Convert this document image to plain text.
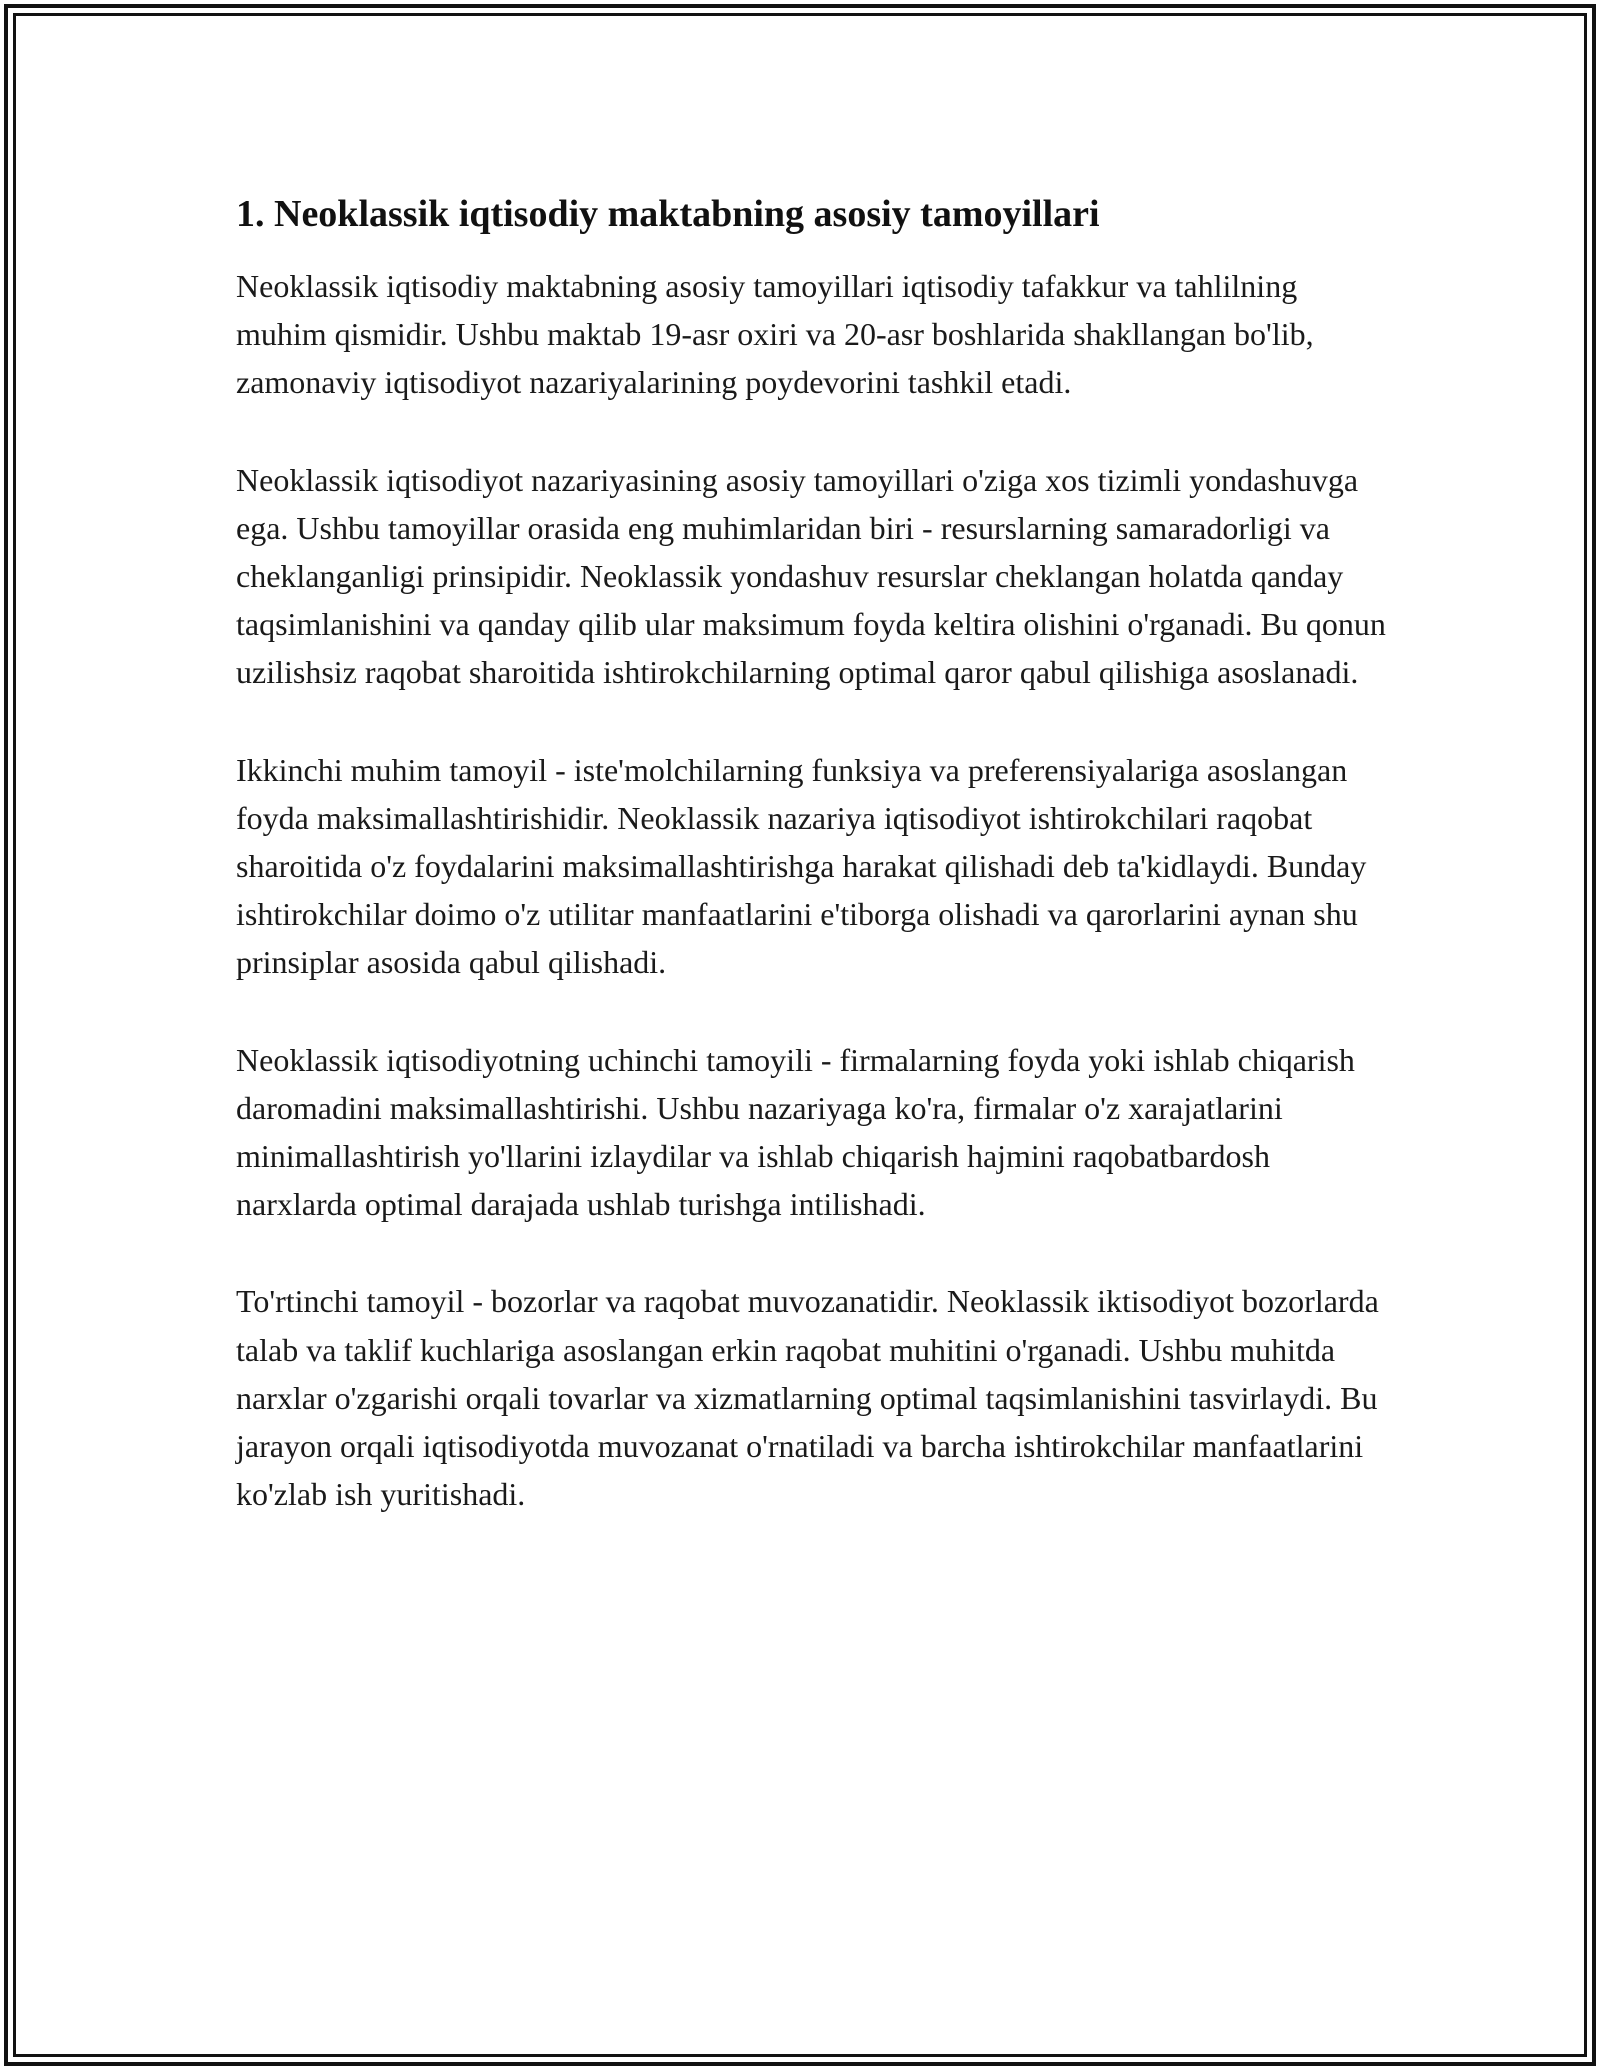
1. Neoklassik iqtisodiy maktabning asosiy tamoyillari

Neoklassik iqtisodiy maktabning asosiy tamoyillari iqtisodiy tafakkur va tahlilning muhim qismidir. Ushbu maktab 19-asr oxiri va 20-asr boshlarida shakllangan bo'lib, zamonaviy iqtisodiyot nazariyalarining poydevorini tashkil etadi.

Neoklassik iqtisodiyot nazariyasining asosiy tamoyillari o'ziga xos tizimli yondashuvga ega. Ushbu tamoyillar orasida eng muhimlaridan biri - resurslarning samaradorligi va cheklanganligi prinsipidir. Neoklassik yondashuv resurslar cheklangan holatda qanday taqsimlanishini va qanday qilib ular maksimum foyda keltira olishini o'rganadi. Bu qonun uzilishsiz raqobat sharoitida ishtirokchilarning optimal qaror qabul qilishiga asoslanadi.

Ikkinchi muhim tamoyil - iste'molchilarning funksiya va preferensiyalariga asoslangan foyda maksimallashtirishidir. Neoklassik nazariya iqtisodiyot ishtirokchilari raqobat sharoitida o'z foydalarini maksimallashtirishga harakat qilishadi deb ta'kidlaydi. Bunday ishtirokchilar doimo o'z utilitar manfaatlarini e'tiborga olishadi va qarorlarini aynan shu prinsiplar asosida qabul qilishadi.

Neoklassik iqtisodiyotning uchinchi tamoyili - firmalarning foyda yoki ishlab chiqarish daromadini maksimallashtirishi. Ushbu nazariyaga ko'ra, firmalar o'z xarajatlarini minimallashtirish yo'llarini izlaydilar va ishlab chiqarish hajmini raqobatbardosh narxlarda optimal darajada ushlab turishga intilishadi.

To'rtinchi tamoyil - bozorlar va raqobat muvozanatidir. Neoklassik iktisodiyot bozorlarda talab va taklif kuchlariga asoslangan erkin raqobat muhitini o'rganadi. Ushbu muhitda narxlar o'zgarishi orqali tovarlar va xizmatlarning optimal taqsimlanishini tasvirlaydi. Bu jarayon orqali iqtisodiyotda muvozanat o'rnatiladi va barcha ishtirokchilar manfaatlarini ko'zlab ish yuritishadi.
